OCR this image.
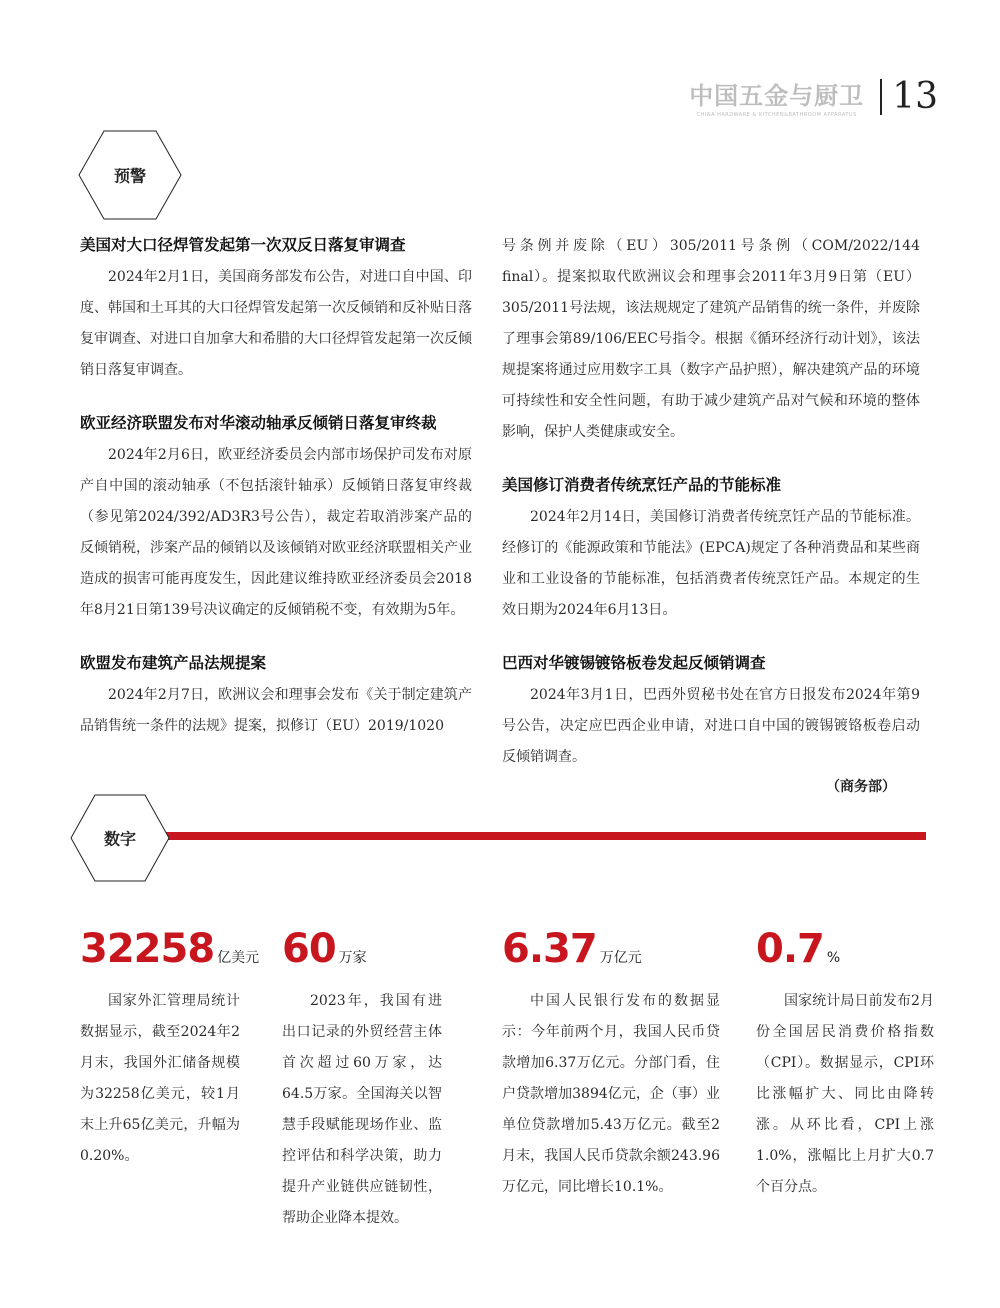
中国五金与厨卫
CHINA HARDWARE & KITCHEN&BATHROOM APPARATUS 13
预警
美国对大口径焊管发起第一次双反日落复审调查
2024年2月1日，美国商务部发布公告，对进口自中国、印度、韩国和土耳其的大口径焊管发起第一次反倾销和反补贴日落复审调查、对进口自加拿大和希腊的大口径焊管发起第一次反倾销日落复审调查。
欧亚经济联盟发布对华滚动轴承反倾销日落复审终裁
2024年2月6日，欧亚经济委员会内部市场保护司发布对原产自中国的滚动轴承（不包括滚针轴承）反倾销日落复审终裁（参见第2024/392/AD3R3号公告），裁定若取消涉案产品的反倾销税，涉案产品的倾销以及该倾销对欧亚经济联盟相关产业造成的损害可能再度发生，因此建议维持欧亚经济委员会2018年8月21日第139号决议确定的反倾销税不变，有效期为5年。
欧盟发布建筑产品法规提案
2024年2月7日，欧洲议会和理事会发布《关于制定建筑产品销售统一条件的法规》提案，拟修订（EU）2019/1020
号条例并废除（EU）305/2011号条例（COM/2022/144 final）。提案拟取代欧洲议会和理事会2011年3月9日第（EU）305/2011号法规，该法规规定了建筑产品销售的统一条件，并废除了理事会第89/106/EEC号指令。根据《循环经济行动计划》，该法规提案将通过应用数字工具（数字产品护照），解决建筑产品的环境可持续性和安全性问题，有助于减少建筑产品对气候和环境的整体影响，保护人类健康或安全。
美国修订消费者传统烹饪产品的节能标准
2024年2月14日，美国修订消费者传统烹饪产品的节能标准。经修订的《能源政策和节能法》(EPCA)规定了各种消费品和某些商业和工业设备的节能标准，包括消费者传统烹饪产品。本规定的生效日期为2024年6月13日。
巴西对华镀锡镀铬板卷发起反倾销调查
2024年3月1日，巴西外贸秘书处在官方日报发布2024年第9号公告，决定应巴西企业申请，对进口自中国的镀锡镀铬板卷启动反倾销调查。
（商务部）
数字
32258 亿美元
国家外汇管理局统计数据显示，截至2024年2月末，我国外汇储备规模为32258亿美元，较1月末上升65亿美元，升幅为0.20%。
60 万家
2023年，我国有进出口记录的外贸经营主体首次超过60万家，达64.5万家。全国海关以智慧手段赋能现场作业、监控评估和科学决策，助力提升产业链供应链韧性，帮助企业降本提效。
6.37 万亿元
中国人民银行发布的数据显示：今年前两个月，我国人民币贷款增加6.37万亿元。分部门看，住户贷款增加3894亿元，企（事）业单位贷款增加5.43万亿元。截至2月末，我国人民币贷款余额243.96万亿元，同比增长10.1%。
0.7 %
国家统计局日前发布2月份全国居民消费价格指数（CPI）。数据显示，CPI环比涨幅扩大、同比由降转涨。从环比看，CPI上涨1.0%，涨幅比上月扩大0.7个百分点。
